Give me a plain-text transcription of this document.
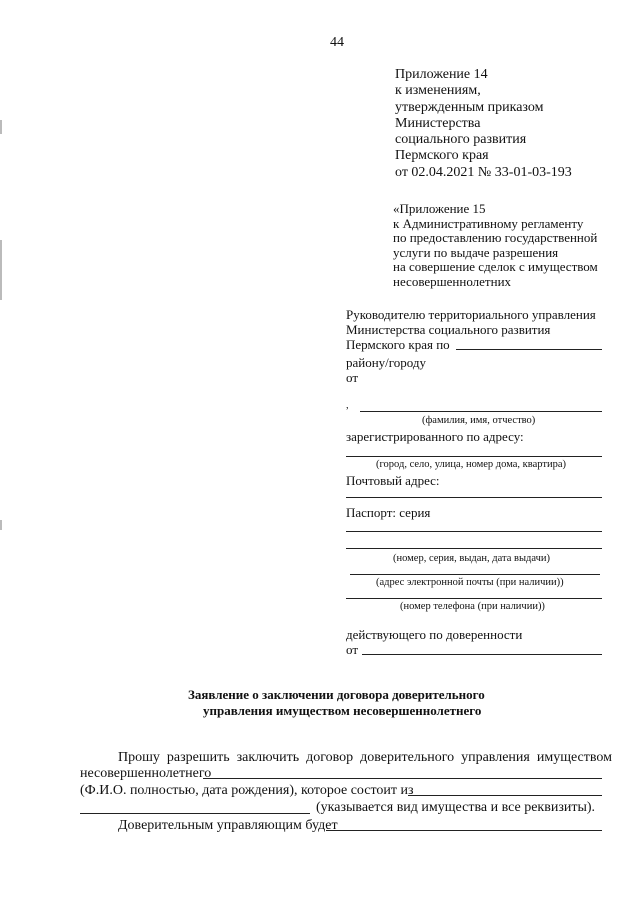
44
Приложение 14
к изменениям,
утвержденным приказом
Министерства
социального развития
Пермского края
от 02.04.2021 № 33-01-03-193
«Приложение 15
к Административному регламенту
по предоставлению государственной
услуги по выдаче разрешения
на совершение сделок с имуществом
несовершеннолетних
Руководителю территориального управления
Министерства социального развития
Пермского края по
району/городу
от
,
(фамилия, имя, отчество)
зарегистрированного по адресу:
(город, село, улица, номер дома, квартира)
Почтовый адрес:
Паспорт: серия
(номер, серия, выдан, дата выдачи)
(адрес электронной почты (при наличии))
(номер телефона (при наличии))
действующего по доверенности
от
Заявление о заключении договора доверительного
управления имуществом несовершеннолетнего
Прошу разрешить заключить договор доверительного управления имуществом
несовершеннолетнего
(Ф.И.О. полностью, дата рождения), которое состоит из
(указывается вид имущества и все реквизиты).
Доверительным управляющим будет
